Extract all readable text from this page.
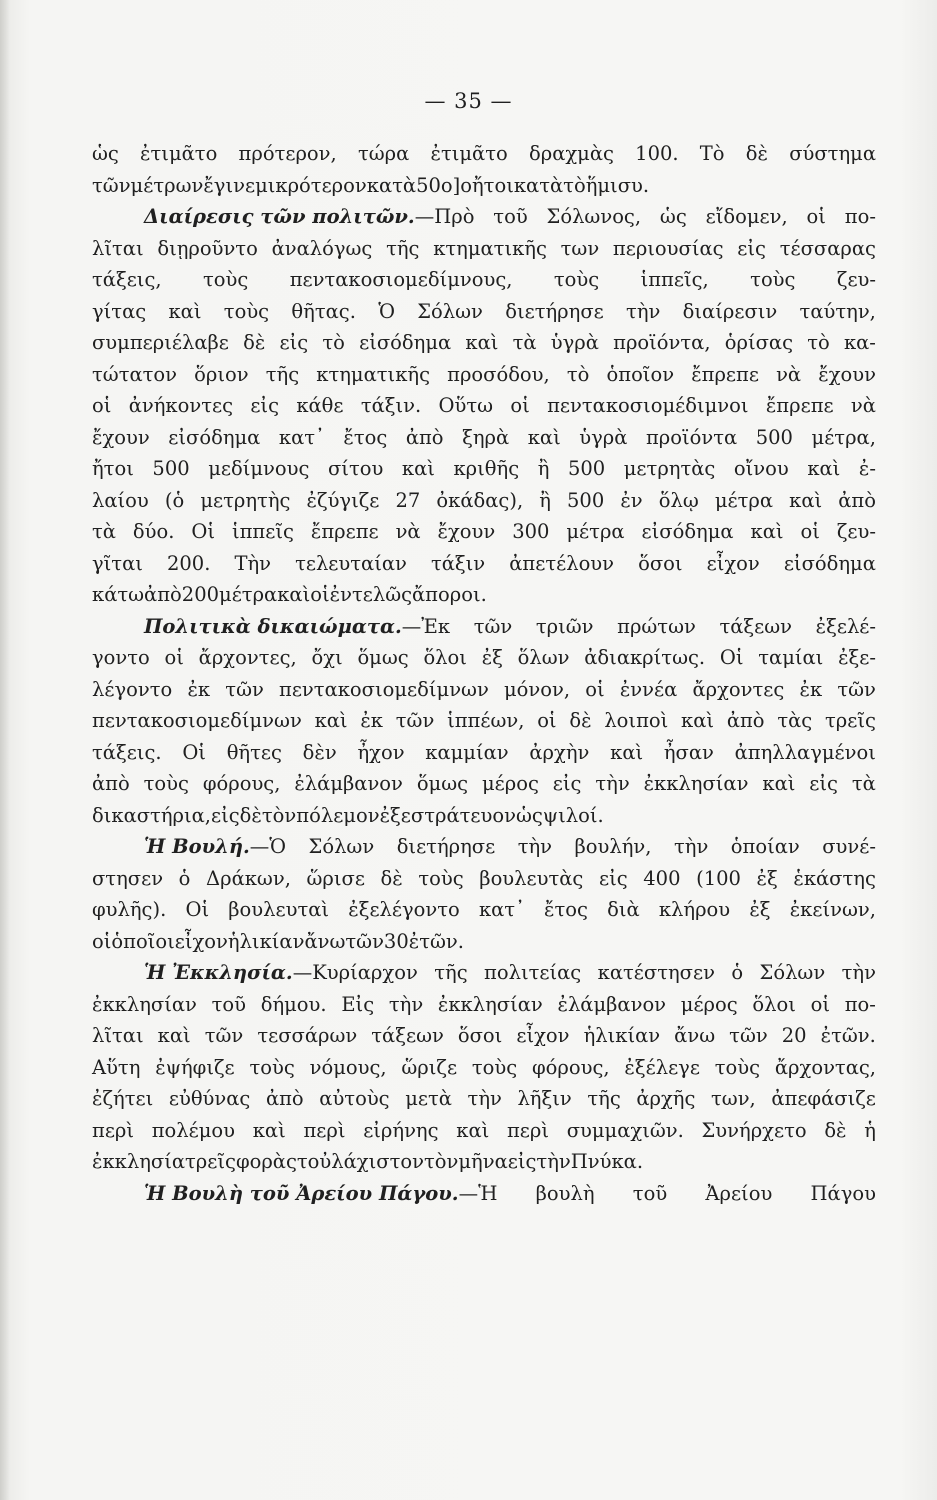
— 35 —
ὡς ἐτιμᾶτο πρότερον, τώρα ἐτιμᾶτο δραχμὰς 100. Τὸ δὲ σύστημα
τῶν μέτρων ἔγινε μικρότερον κατὰ 50 ο]ο ἤτοι κατὰ τὸ ἥμισυ.
Διαίρεσις τῶν πολιτῶν.—Πρὸ τοῦ Σόλωνος, ὡς εἴδομεν, οἱ πο-
λῖται διῃροῦντο ἀναλόγως τῆς κτηματικῆς των περιουσίας εἰς τέσσαρας
τάξεις, τοὺς πεντακοσιομεδίμνους, τοὺς ἱππεῖς, τοὺς ζευ-
γίτας καὶ τοὺς θῆτας. Ὁ Σόλων διετήρησε τὴν διαίρεσιν ταύτην,
συμπεριέλαβε δὲ εἰς τὸ εἰσόδημα καὶ τὰ ὑγρὰ προϊόντα, ὁρίσας τὸ κα-
τώτατον ὅριον τῆς κτηματικῆς προσόδου, τὸ ὁποῖον ἔπρεπε νὰ ἔχουν
οἱ ἀνήκοντες εἰς κάθε τάξιν. Οὕτω οἱ πεντακοσιομέδιμνοι ἔπρεπε νὰ
ἔχουν εἰσόδημα κατ᾽ ἔτος ἀπὸ ξηρὰ καὶ ὑγρὰ προϊόντα 500 μέτρα,
ἤτοι 500 μεδίμνους σίτου καὶ κριθῆς ἢ 500 μετρητὰς οἴνου καὶ ἐ-
λαίου (ὁ μετρητὴς ἐζύγιζε 27 ὀκάδας), ἢ 500 ἐν ὅλῳ μέτρα καὶ ἀπὸ
τὰ δύο. Οἱ ἱππεῖς ἔπρεπε νὰ ἔχουν 300 μέτρα εἰσόδημα καὶ οἱ ζευ-
γῖται 200. Τὴν τελευταίαν τάξιν ἀπετέλουν ὅσοι εἶχον εἰσόδημα
κάτω ἀπὸ 200 μέτρα καὶ οἱ ἐντελῶς ἄποροι.
Πολιτικὰ δικαιώματα.—Ἐκ τῶν τριῶν πρώτων τάξεων ἐξελέ-
γοντο οἱ ἄρχοντες, ὄχι ὅμως ὅλοι ἐξ ὅλων ἀδιακρίτως. Οἱ ταμίαι ἐξε-
λέγοντο ἐκ τῶν πεντακοσιομεδίμνων μόνον, οἱ ἐννέα ἄρχοντες ἐκ τῶν
πεντακοσιομεδίμνων καὶ ἐκ τῶν ἱππέων, οἱ δὲ λοιποὶ καὶ ἀπὸ τὰς τρεῖς
τάξεις. Οἱ θῆτες δὲν ἦχον καμμίαν ἀρχὴν καὶ ἦσαν ἀπηλλαγμένοι
ἀπὸ τοὺς φόρους, ἐλάμβανον ὅμως μέρος εἰς τὴν ἐκκλησίαν καὶ εἰς τὰ
δικαστήρια, εἰς δὲ τὸν πόλεμον ἐξεστράτευον ὡς ψιλοί.
Ἡ Βουλή.—Ὁ Σόλων διετήρησε τὴν βουλήν, τὴν ὁποίαν συνέ-
στησεν ὁ Δράκων, ὥρισε δὲ τοὺς βουλευτὰς εἰς 400 (100 ἐξ ἑκάστης
φυλῆς). Οἱ βουλευταὶ ἐξελέγοντο κατ᾽ ἔτος διὰ κλήρου ἐξ ἐκείνων,
οἱ ὁποῖοι εἶχον ἡλικίαν ἄνω τῶν 30 ἐτῶν.
Ἡ Ἐκκλησία.—Κυρίαρχον τῆς πολιτείας κατέστησεν ὁ Σόλων τὴν
ἐκκλησίαν τοῦ δήμου. Εἰς τὴν ἐκκλησίαν ἐλάμβανον μέρος ὅλοι οἱ πο-
λῖται καὶ τῶν τεσσάρων τάξεων ὅσοι εἶχον ἡλικίαν ἄνω τῶν 20 ἐτῶν.
Αὕτη ἐψήφιζε τοὺς νόμους, ὥριζε τοὺς φόρους, ἐξέλεγε τοὺς ἄρχοντας,
ἐζήτει εὐθύνας ἀπὸ αὐτοὺς μετὰ τὴν λῆξιν τῆς ἀρχῆς των, ἀπεφάσιζε
περὶ πολέμου καὶ περὶ εἰρήνης καὶ περὶ συμμαχιῶν. Συνήρχετο δὲ ἡ
ἐκκλησία τρεῖς φορὰς τοὐλάχιστον τὸν μῆνα εἰς τὴν Πνύκα.
Ἡ Βουλὴ τοῦ Ἀρείου Πάγου.—Ἡ βουλὴ τοῦ Ἀρείου Πάγου
